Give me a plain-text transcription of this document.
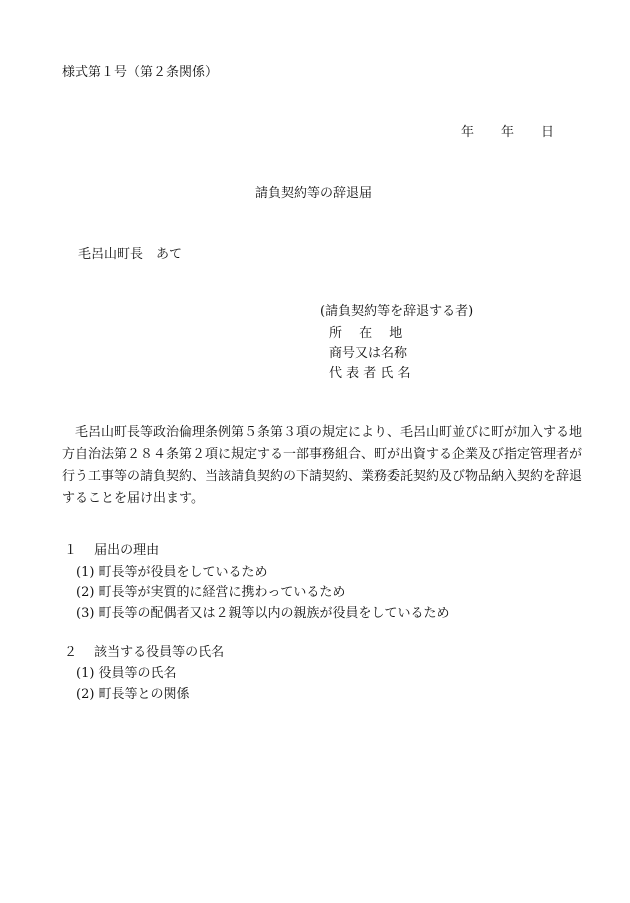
様式第１号（第２条関係）
年 年 日
請負契約等の辞退届
毛呂山町長　あて
(請負契約等を辞退する者)
所　 在　 地
商号又は名称
代 表 者 氏 名
毛呂山町長等政治倫理条例第５条第３項の規定により、毛呂山町並びに町が加入する地方自治法第２８４条第２項に規定する一部事務組合、町が出資する企業及び指定管理者が行う工事等の請負契約、当該請負契約の下請契約、業務委託契約及び物品納入契約を辞退することを届け出ます。
１　 届出の理由
(1) 町長等が役員をしているため
(2) 町長等が実質的に経営に携わっているため
(3) 町長等の配偶者又は２親等以内の親族が役員をしているため
２　 該当する役員等の氏名
(1) 役員等の氏名
(2) 町長等との関係
